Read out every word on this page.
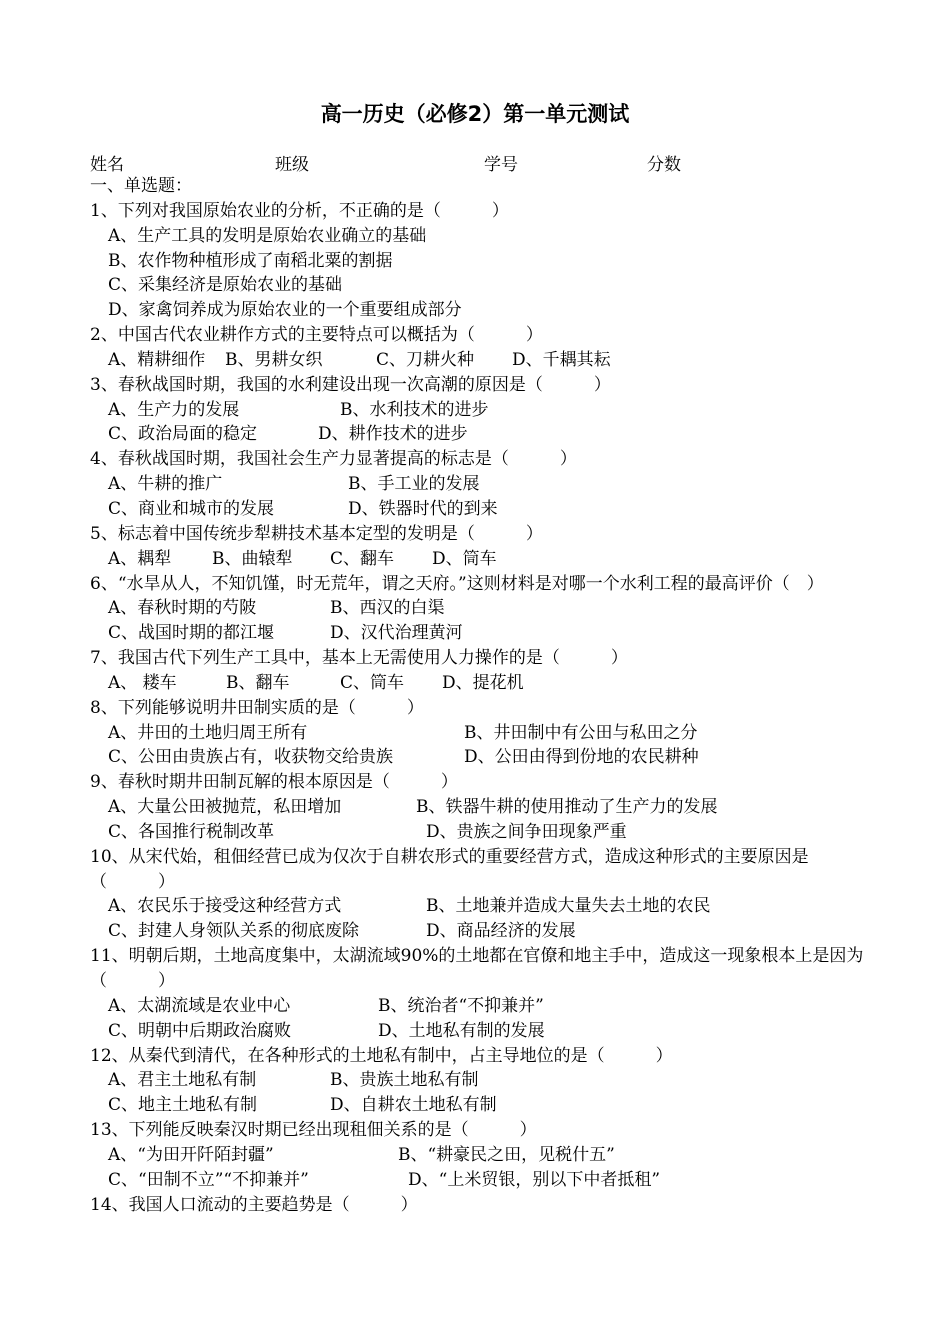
高一历史（必修2）第一单元测试
姓名	班级	学号	分数
一、单选题：
1、下列对我国原始农业的分析，不正确的是（　　　）
A、生产工具的发明是原始农业确立的基础
B、农作物种植形成了南稻北粟的割据
C、采集经济是原始农业的基础
D、家禽饲养成为原始农业的一个重要组成部分
2、中国古代农业耕作方式的主要特点可以概括为（　　　）
A、精耕细作 B、男耕女织	C、刀耕火种 D、千耦其耘
3、春秋战国时期，我国的水利建设出现一次高潮的原因是（　　　）
A、生产力的发展	B、水利技术的进步
C、政治局面的稳定	D、耕作技术的进步
4、春秋战国时期，我国社会生产力显著提高的标志是（　　　）
A、牛耕的推广	B、手工业的发展
C、商业和城市的发展	D、铁器时代的到来
5、标志着中国传统步犁耕技术基本定型的发明是（　　　）
A、耦犁 B、曲辕犁 C、翻车 D、筒车
6、“水旱从人，不知饥馑，时无荒年，谓之天府。”这则材料是对哪一个水利工程的最高评价（　）
A、春秋时期的芍陂	B、西汉的白渠
C、战国时期的都江堰	D、汉代治理黄河
7、我国古代下列生产工具中，基本上无需使用人力操作的是（　　　）
A、 耧车	B、翻车	C、筒车 D、提花机
8、下列能够说明井田制实质的是（　　　）
A、井田的土地归周王所有	B、井田制中有公田与私田之分
C、公田由贵族占有，收获物交给贵族	D、公田由得到份地的农民耕种
9、春秋时期井田制瓦解的根本原因是（　　　）
A、大量公田被抛荒，私田增加	B、铁器牛耕的使用推动了生产力的发展
C、各国推行税制改革	D、贵族之间争田现象严重
10、从宋代始，租佃经营已成为仅次于自耕农形式的重要经营方式，造成这种形式的主要原因是（　　　）
A、农民乐于接受这种经营方式	B、土地兼并造成大量失去土地的农民
C、封建人身领队关系的彻底废除	D、商品经济的发展
11、明朝后期，土地高度集中，太湖流域90%的土地都在官僚和地主手中，造成这一现象根本上是因为（　　　）
A、太湖流域是农业中心	B、统治者“不抑兼并”
C、明朝中后期政治腐败	D、土地私有制的发展
12、从秦代到清代，在各种形式的土地私有制中，占主导地位的是（　　　）
A、君主土地私有制	B、贵族土地私有制
C、地主土地私有制	D、自耕农土地私有制
13、下列能反映秦汉时期已经出现租佃关系的是（　　　）
A、“为田开阡陌封疆”	B、“耕豪民之田，见税什五”
C、“田制不立”“不抑兼并”	D、“上米贸银，别以下中者抵租”
14、我国人口流动的主要趋势是（　　　）
